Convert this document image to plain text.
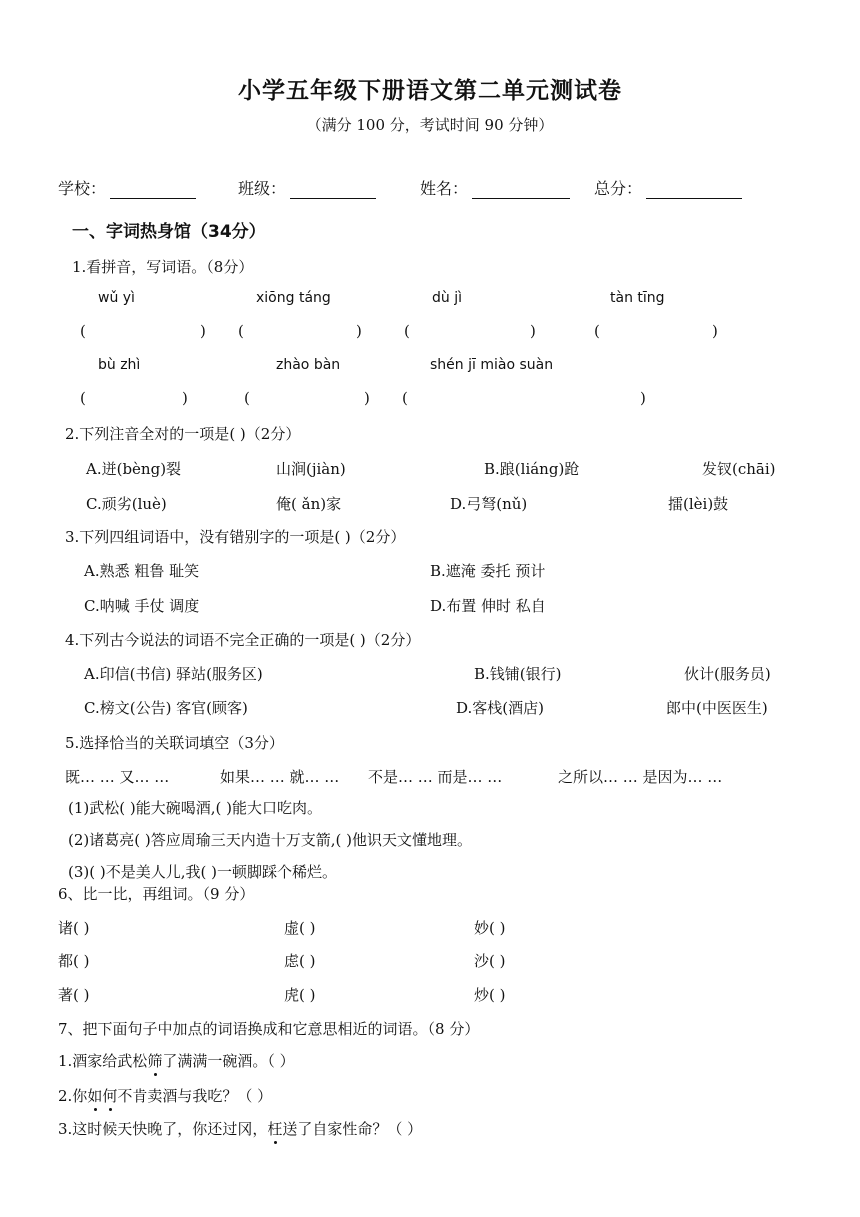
小学五年级下册语文第二单元测试卷
（满分 100 分，考试时间 90 分钟）
学校：	班级：	姓名：	总分：
一、字词热身馆（34分）
1.看拼音，写词语。（8分）
wǔ yì	xiōng táng	dù jì	tàn tīng
(	) (	)	(	)	(	)
bù zhì	zhào bàn	shén jī miào suàn
(	)	(	) (	)
2.下列注音全对的一项是( )（2分）
A.迸(bèng)裂	山涧(jiàn)	B.踉(liáng)跄	发钗(chāi)
C.顽劣(luè)	俺( ǎn)家	D.弓弩(nǔ)	擂(lèi)鼓
3.下列四组词语中，没有错别字的一项是( )（2分）
A.熟悉 粗鲁 耻笑	B.遮淹 委托 预计
C.呐喊 手仗 调度	D.布置 伸时 私自
4.下列古今说法的词语不完全正确的一项是( )（2分）
A.印信(书信) 驿站(服务区)	B.钱铺(银行)	伙计(服务员)
C.榜文(公告) 客官(顾客)	D.客栈(酒店)	郎中(中医医生)
5.选择恰当的关联词填空（3分）
既… … 又… …	如果… … 就… … 不是… … 而是… …	之所以… … 是因为… …
(1)武松( )能大碗喝酒,( )能大口吃肉。
(2)诸葛亮( )答应周瑜三天内造十万支箭,( )他识天文懂地理。
(3)( )不是美人儿,我( )一顿脚踩个稀烂。
6、比一比，再组词。（9 分）
诸( )	虚( )	妙( )
都( )	虑( )	沙( )
著( )	虎( )	炒( )
7、把下面句子中加点的词语换成和它意思相近的词语。（8 分）
1.酒家给武松筛了满满一碗酒。（ ）
2.你如何不肯卖酒与我吃？（ ）
3.这时候天快晚了，你还过冈，枉送了自家性命？（ ）
